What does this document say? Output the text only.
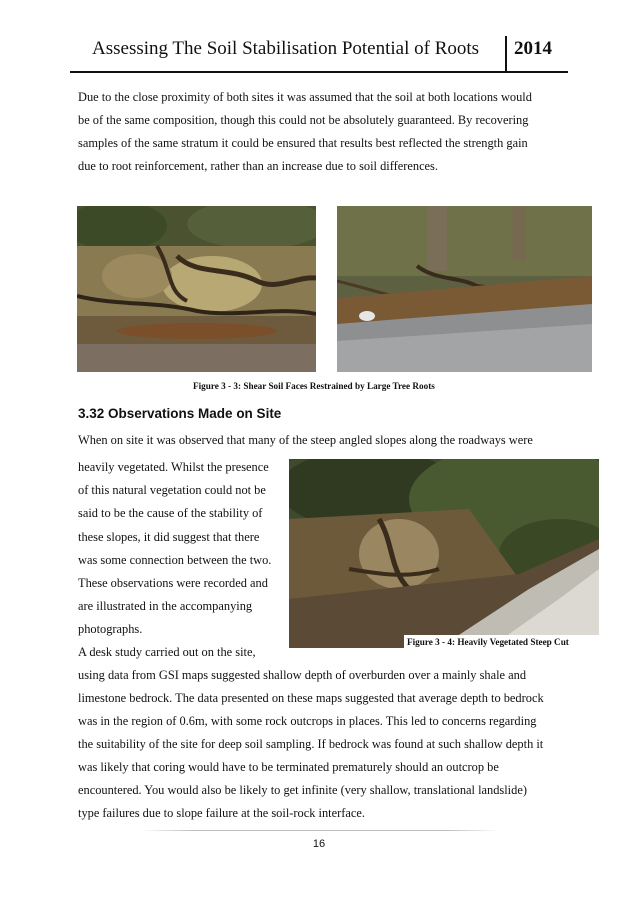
Assessing The Soil Stabilisation Potential of Roots 2014
Due to the close proximity of both sites it was assumed that the soil at both locations would
be of the same composition, though this could not be absolutely guaranteed. By recovering
samples of the same stratum it could be ensured that results best reflected the strength gain
due to root reinforcement, rather than an increase due to soil differences.
Figure 3 - 3: Shear Soil Faces Restrained by Large Tree Roots
3.32 Observations Made on Site
When on site it was observed that many of the steep angled slopes along the roadways were
heavily vegetated. Whilst the presence
of this natural vegetation could not be
said to be the cause of the stability of
these slopes, it did suggest that there
was some connection between the two.
These observations were recorded and
are illustrated in the accompanying
photographs.
Figure 3 - 4: Heavily Vegetated Steep Cut
A desk study carried out on the site,
using data from GSI maps suggested shallow depth of overburden over a mainly shale and
limestone bedrock. The data presented on these maps suggested that average depth to bedrock
was in the region of 0.6m, with some rock outcrops in places. This led to concerns regarding
the suitability of the site for deep soil sampling. If bedrock was found at such shallow depth it
was likely that coring would have to be terminated prematurely should an outcrop be
encountered. You would also be likely to get infinite (very shallow, translational landslide)
type failures due to slope failure at the soil-rock interface.
16
